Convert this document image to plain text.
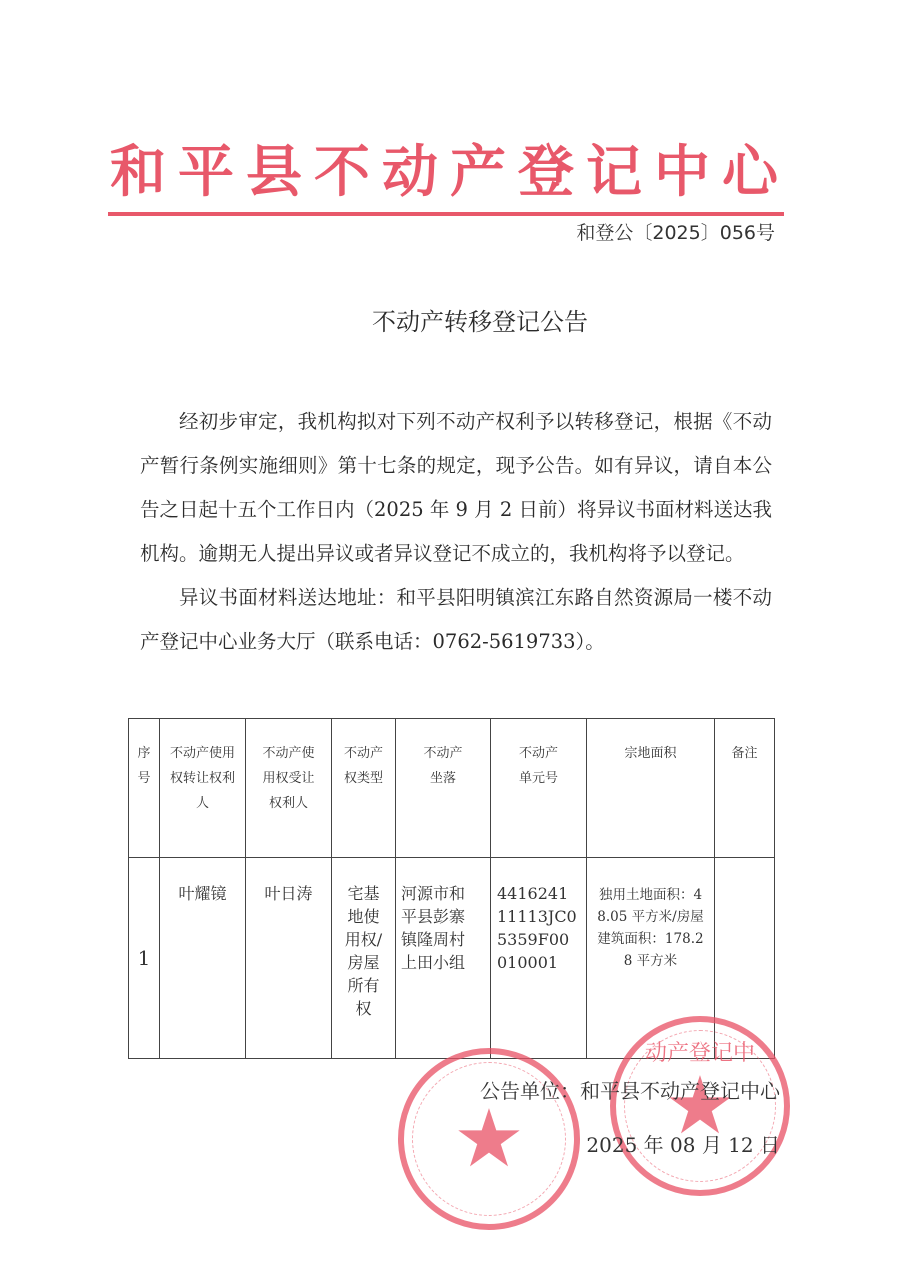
和平县不动产登记中心
和登公〔2025〕056号
不动产转移登记公告

经初步审定，我机构拟对下列不动产权利予以转移登记，根据《不动产暂行条例实施细则》第十七条的规定，现予公告。如有异议，请自本公告之日起十五个工作日内（2025 年 9 月 2 日前）将异议书面材料送达我机构。逾期无人提出异议或者异议登记不成立的，我机构将予以登记。

异议书面材料送达地址：和平县阳明镇滨江东路自然资源局一楼不动产登记中心业务大厅（联系电话：0762-5619733）。

序号	不动产使用权转让权利人	不动产使用权受让权利人	不动产权类型	不动产坐落	不动产单元号	宗地面积	备注
1	叶耀镜	叶日涛	宅基地使用权/房屋所有权	河源市和平县彭寨镇隆周村上田小组	441624111113JC05359F00010001	独用土地面积：48.05 平方米/房屋建筑面积：178.28 平方米	
★
动产登记中
★
公告单位：和平县不动产登记中心
2025 年 08 月 12 日
